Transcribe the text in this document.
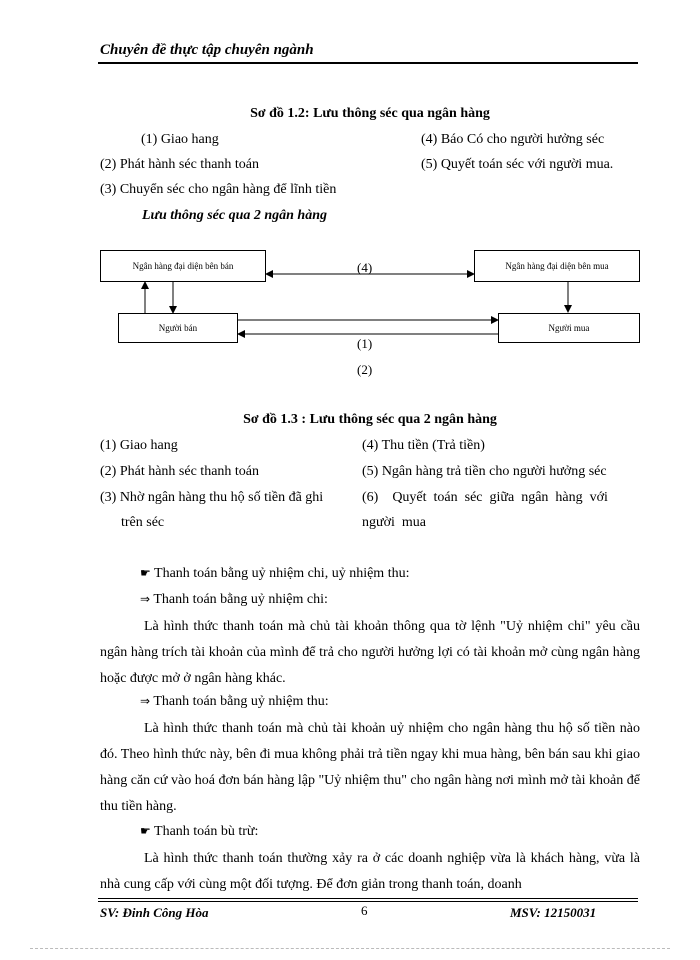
Chuyên đề thực tập chuyên ngành
Sơ đồ 1.2: Lưu thông séc qua ngân hàng
(1) Giao hang
(2) Phát hành séc thanh toán
(3) Chuyển séc cho ngân hàng để lĩnh tiền
(4) Báo Có cho người hưởng séc
(5) Quyết toán séc với người mua.
Lưu thông séc qua 2 ngân hàng
Ngân hàng đại diện bên bán	Ngân hàng đại diện bên mua
Người bán	Người mua
(4)
(1)
(2)
Sơ đồ 1.3 : Lưu thông séc qua 2 ngân hàng
(1) Giao hang
(2) Phát hành séc thanh toán
(3) Nhờ ngân hàng thu hộ số tiền đã ghi
trên séc
(4) Thu tiền (Trả tiền)
(5) Ngân hàng trả tiền cho người hưởng séc
(6)    Quyết  toán  séc  giữa  ngân  hàng  với
người  mua
☛ Thanh toán bằng uỷ nhiệm chi, uỷ nhiệm thu:
⇒ Thanh toán bằng uỷ nhiệm chi:
Là hình thức thanh toán mà chủ tài khoản thông qua tờ lệnh "Uỷ nhiệm chi" yêu cầu ngân hàng trích tài khoản của mình để trả cho người hưởng lợi có tài khoản mở cùng ngân hàng hoặc được mở ở ngân hàng khác.
⇒ Thanh toán bằng uỷ nhiệm thu:
Là hình thức thanh toán mà chủ tài khoản uỷ nhiệm cho ngân hàng thu hộ số tiền nào đó. Theo hình thức này, bên đi mua không phải trả tiền ngay khi mua hàng, bên bán sau khi giao hàng căn cứ vào hoá đơn bán hàng lập "Uỷ nhiệm thu" cho ngân hàng nơi mình mở tài khoản để thu tiền hàng.
☛ Thanh toán bù trừ:
Là hình thức thanh toán thường xảy ra ở các doanh nghiệp vừa là khách hàng, vừa là nhà cung cấp với cùng một đối tượng. Để đơn giản trong thanh toán, doanh
SV: Đinh Công Hòa	6	MSV: 12150031
